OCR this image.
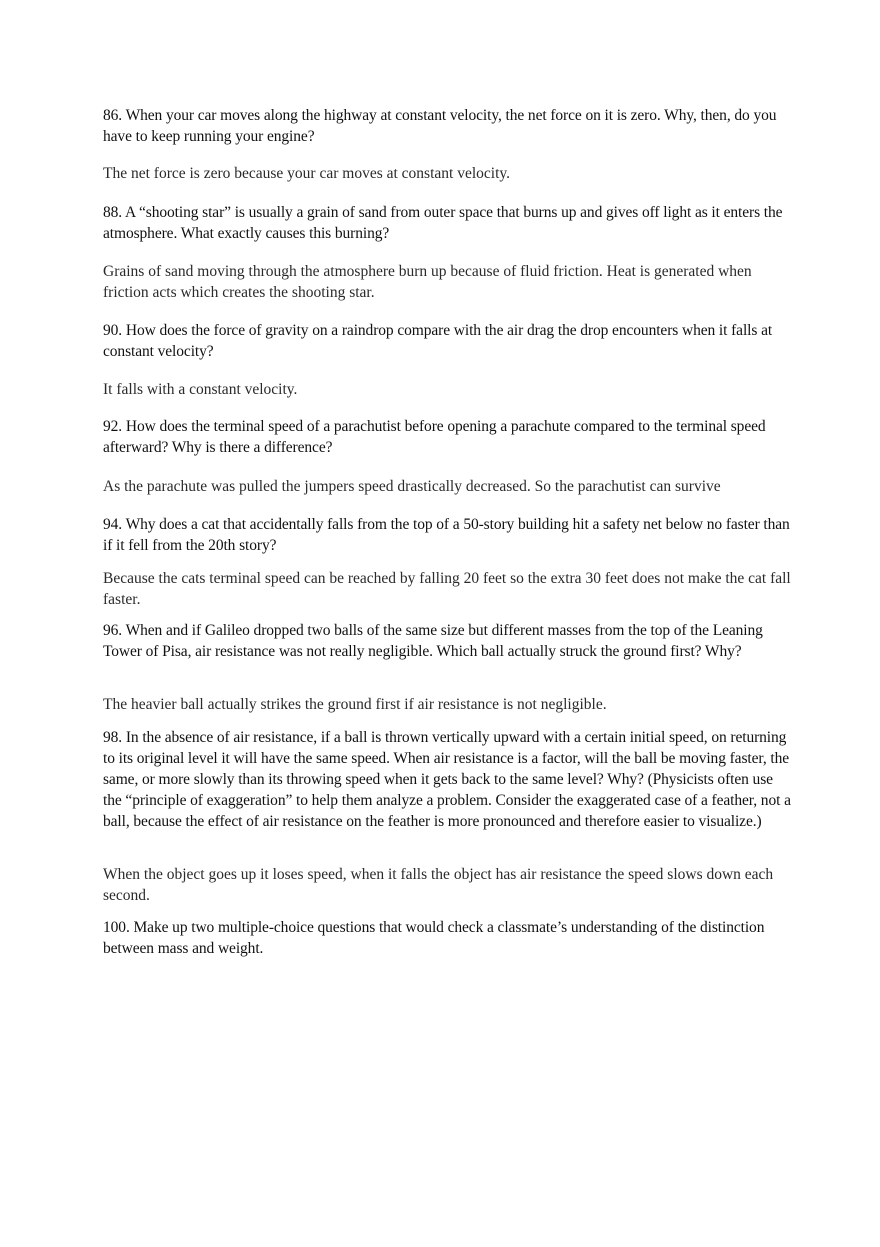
86. When your car moves along the highway at constant velocity, the net force on it is zero. Why, then, do you have to keep running your engine?

The net force is zero because your car moves at constant velocity.

88. A “shooting star” is usually a grain of sand from outer space that burns up and gives off light as it enters the atmosphere. What exactly causes this burning?

Grains of sand moving through the atmosphere burn up because of fluid friction. Heat is generated when friction acts which creates the shooting star.

90. How does the force of gravity on a raindrop compare with the air drag the drop encounters when it falls at constant velocity?

It falls with a constant velocity.

92. How does the terminal speed of a parachutist before opening a parachute compared to the terminal speed afterward? Why is there a difference?

As the parachute was pulled the jumpers speed drastically decreased. So the parachutist can survive

94. Why does a cat that accidentally falls from the top of a 50-story building hit a safety net below no faster than if it fell from the 20th story?

Because the cats terminal speed can be reached by falling 20 feet so the extra 30 feet does not make the cat fall faster.

96. When and if Galileo dropped two balls of the same size but different masses from the top of the Leaning Tower of Pisa, air resistance was not really negligible. Which ball actually struck the ground first? Why?

The heavier ball actually strikes the ground first if air resistance is not negligible.

98. In the absence of air resistance, if a ball is thrown vertically upward with a certain initial speed, on returning to its original level it will have the same speed. When air resistance is a factor, will the ball be moving faster, the same, or more slowly than its throwing speed when it gets back to the same level? Why? (Physicists often use the “principle of exaggeration” to help them analyze a problem. Consider the exaggerated case of a feather, not a ball, because the effect of air resistance on the feather is more pronounced and therefore easier to visualize.)

When the object goes up it loses speed, when it falls the object has air resistance the speed slows down each second.

100. Make up two multiple-choice questions that would check a classmate’s understanding of the distinction between mass and weight.
